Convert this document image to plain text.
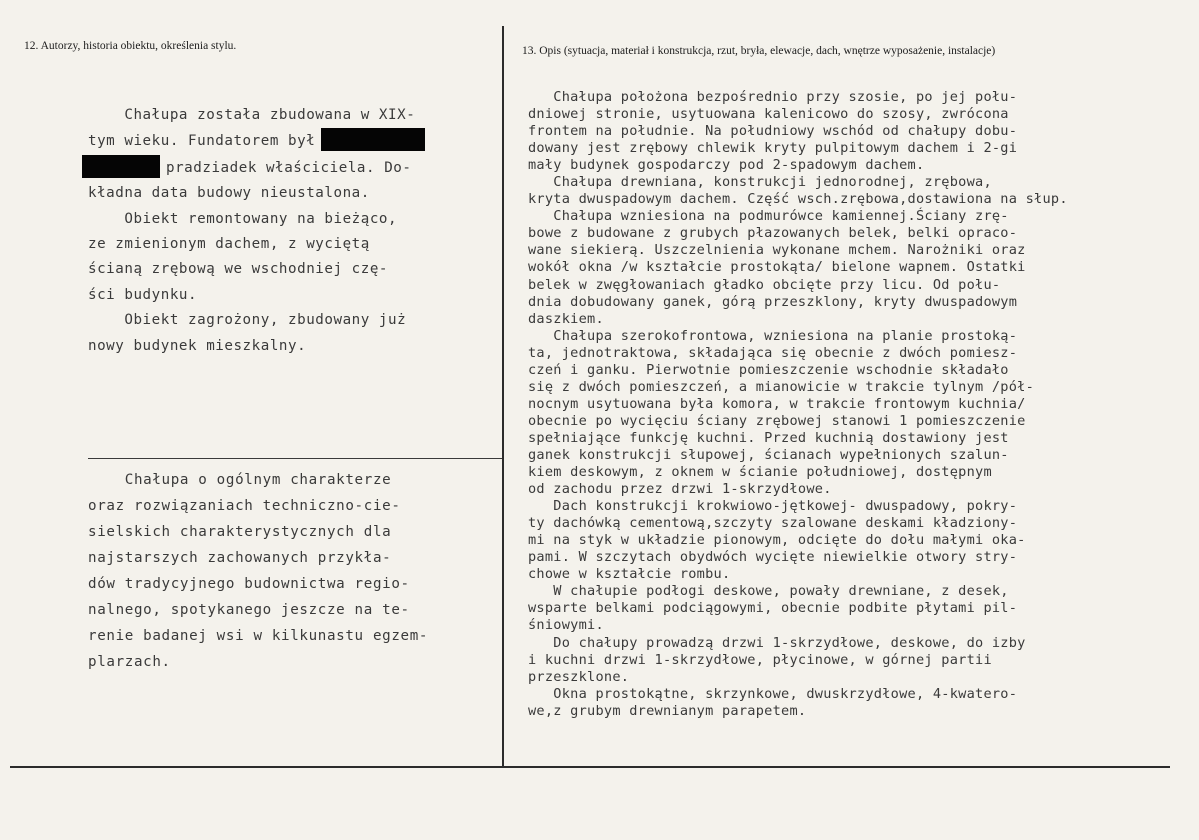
12. Autorzy, historia obiektu, określenia stylu.	13. Opis (sytuacja, materiał i konstrukcja, rzut, bryła, elewacje, dach, wnętrze wyposażenie, instalacje)
Chałupa została zbudowana w XIX-
tym wieku. Fundatorem był
pradziadek właściciela. Do-
kładna data budowy nieustalona.
Obiekt remontowany na bieżąco,
ze zmienionym dachem, z wyciętą
ścianą zrębową we wschodniej czę-
ści budynku.
Obiekt zagrożony, zbudowany już
nowy budynek mieszkalny.
Chałupa o ogólnym charakterze
oraz rozwiązaniach techniczno-cie-
sielskich charakterystycznych dla
najstarszych zachowanych przykła-
dów tradycyjnego budownictwa regio-
nalnego, spotykanego jeszcze na te-
renie badanej wsi w kilkunastu egzem-
plarzach.
Chałupa położona bezpośrednio przy szosie, po jej połu-
dniowej stronie, usytuowana kalenicowo do szosy, zwrócona
frontem na południe. Na południowy wschód od chałupy dobu-
dowany jest zrębowy chlewik kryty pulpitowym dachem i 2-gi
mały budynek gospodarczy pod 2-spadowym dachem.
Chałupa drewniana, konstrukcji jednorodnej, zrębowa,
kryta dwuspadowym dachem. Część wsch.zrębowa,dostawiona na słup.
Chałupa wzniesiona na podmurówce kamiennej.Ściany zrę-
bowe z budowane z grubych płazowanych belek, belki opraco-
wane siekierą. Uszczelnienia wykonane mchem. Narożniki oraz
wokół okna /w kształcie prostokąta/ bielone wapnem. Ostatki
belek w zwęgłowaniach gładko obcięte przy licu. Od połu-
dnia dobudowany ganek, górą przeszklony, kryty dwuspadowym
daszkiem.
Chałupa szerokofrontowa, wzniesiona na planie prostoką-
ta, jednotraktowa, składająca się obecnie z dwóch pomiesz-
czeń i ganku. Pierwotnie pomieszczenie wschodnie składało
się z dwóch pomieszczeń, a mianowicie w trakcie tylnym /pół-
nocnym usytuowana była komora, w trakcie frontowym kuchnia/
obecnie po wycięciu ściany zrębowej stanowi 1 pomieszczenie
spełniające funkcję kuchni. Przed kuchnią dostawiony jest
ganek konstrukcji słupowej, ścianach wypełnionych szalun-
kiem deskowym, z oknem w ścianie południowej, dostępnym
od zachodu przez drzwi 1-skrzydłowe.
Dach konstrukcji krokwiowo-jętkowej- dwuspadowy, pokry-
ty dachówką cementową,szczyty szalowane deskami kładziony-
mi na styk w układzie pionowym, odcięte do dołu małymi oka-
pami. W szczytach obydwóch wycięte niewielkie otwory stry-
chowe w kształcie rombu.
W chałupie podłogi deskowe, powały drewniane, z desek,
wsparte belkami podciągowymi, obecnie podbite płytami pil-
śniowymi.
Do chałupy prowadzą drzwi 1-skrzydłowe, deskowe, do izby
i kuchni drzwi 1-skrzydłowe, płycinowe, w górnej partii
przeszklone.
Okna prostokątne, skrzynkowe, dwuskrzydłowe, 4-kwatero-
we,z grubym drewnianym parapetem.
